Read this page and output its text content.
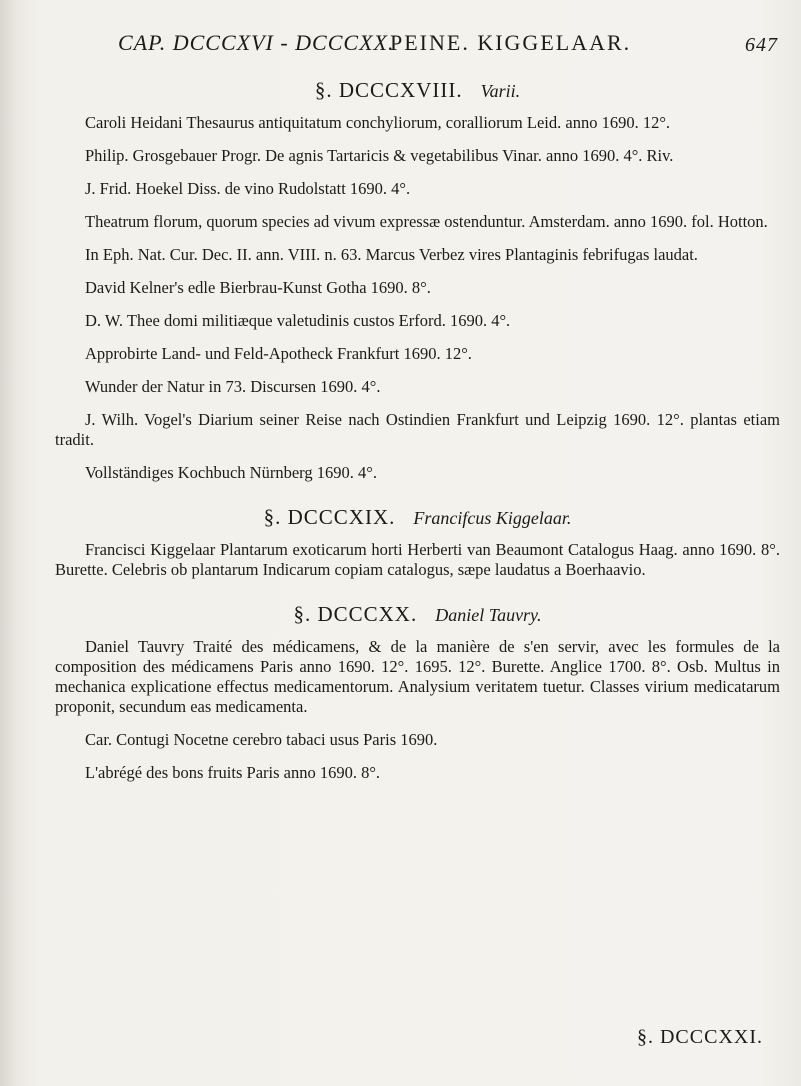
CAP. DCCCXVI - DCCCXX.
PEINE. KIGGELAAR.	647
§. DCCCXVIII. Varii.

Caroli Heidani Thesaurus antiquitatum conchyliorum, coralliorum Leid. anno 1690. 12°.

Philip. Grosgebauer Progr. De agnis Tartaricis & vegetabilibus Vinar. anno 1690. 4°. Riv.

J. Frid. Hoekel Diss. de vino Rudolstatt 1690. 4°.

Theatrum florum, quorum species ad vivum expressæ ostenduntur. Amsterdam. anno 1690. fol. Hotton.

In Eph. Nat. Cur. Dec. II. ann. VIII. n. 63. Marcus Verbez vires Plantaginis febrifugas laudat.

David Kelner's edle Bierbrau-Kunst Gotha 1690. 8°.

D. W. Thee domi militiæque valetudinis custos Erford. 1690. 4°.

Approbirte Land- und Feld-Apotheck Frankfurt 1690. 12°.

Wunder der Natur in 73. Discursen 1690. 4°.

J. Wilh. Vogel's Diarium seiner Reise nach Ostindien Frankfurt und Leipzig 1690. 12°. plantas etiam tradit.

Vollständiges Kochbuch Nürnberg 1690. 4°.

§. DCCCXIX. Francifcus Kiggelaar.

Francisci Kiggelaar Plantarum exoticarum horti Herberti van Beaumont Catalogus Haag. anno 1690. 8°. Burette. Celebris ob plantarum Indicarum copiam catalogus, sæpe laudatus a Boerhaavio.

§. DCCCXX. Daniel Tauvry.

Daniel Tauvry Traité des médicamens, & de la manière de s'en servir, avec les formules de la composition des médicamens Paris anno 1690. 12°. 1695. 12°. Burette. Anglice 1700. 8°. Osb. Multus in mechanica explicatione effectus medicamentorum. Analysium veritatem tuetur. Classes virium medicatarum proponit, secundum eas medicamenta.

Car. Contugi Nocetne cerebro tabaci usus Paris 1690.

L'abrégé des bons fruits Paris anno 1690. 8°.

§. DCCCXXI.
